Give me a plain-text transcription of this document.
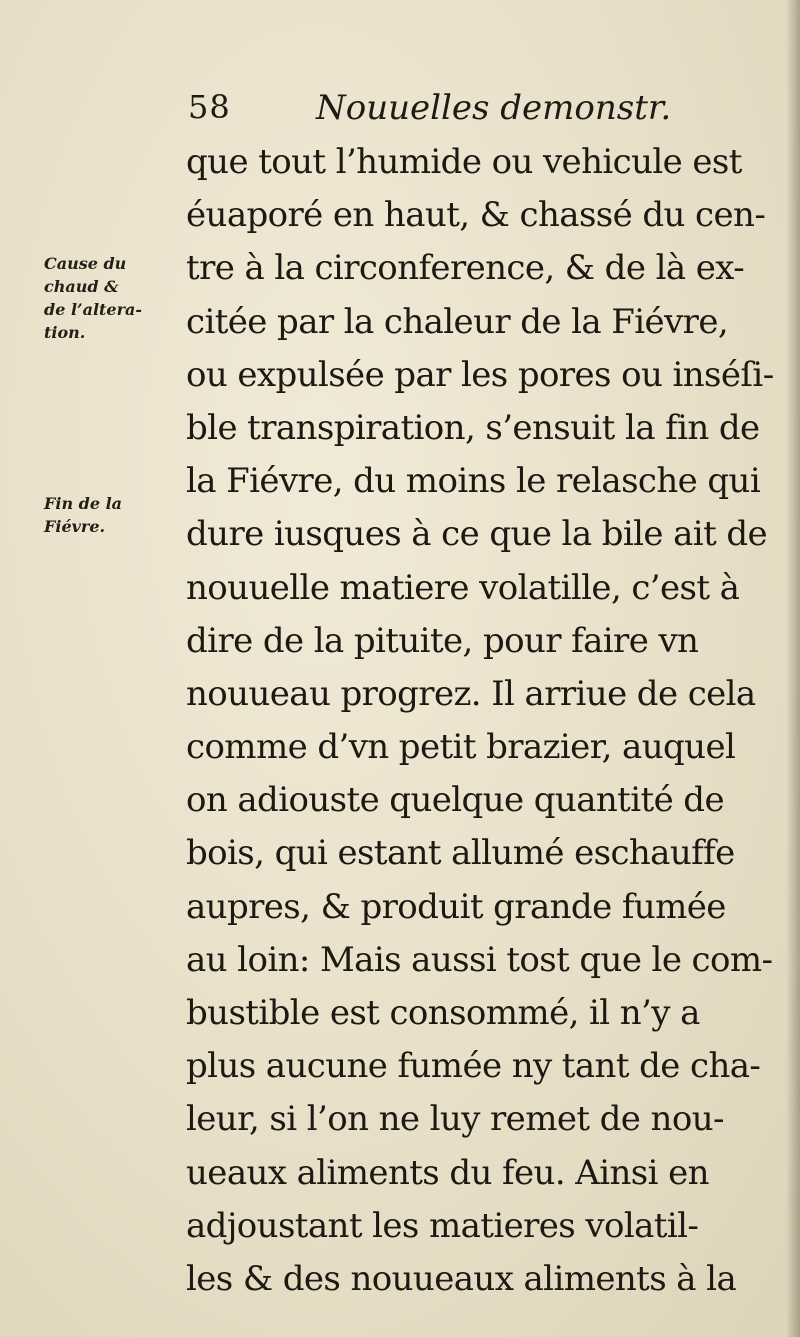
58	Nouuelles demonstr.
Cause du
chaud &
de l’altera-
tion.
Fin de la
Fiévre.
que tout l’humide ou vehicule est
éuaporé en haut, & chassé du cen-
tre à la circonference, & de là ex-
citée par la chaleur de la Fiévre,
ou expulsée par les pores ou inséſi-
ble transpiration, s’ensuit la fin de
la Fiévre, du moins le relasche qui
dure iusques à ce que la bile ait de
nouuelle matiere volatille, c’est à
dire de la pituite, pour faire vn
nouueau progrez. Il arriue de cela
comme d’vn petit brazier, auquel
on adiouste quelque quantité de
bois, qui estant allumé eschauffe
aupres, & produit grande fumée
au loin: Mais aussi tost que le com-
bustible est consommé, il n’y a
plus aucune fumée ny tant de cha-
leur, si l’on ne luy remet de nou-
ueaux aliments du feu. Ainsi en
adjoustant les matieres volatil-
les & des nouueaux aliments à la
